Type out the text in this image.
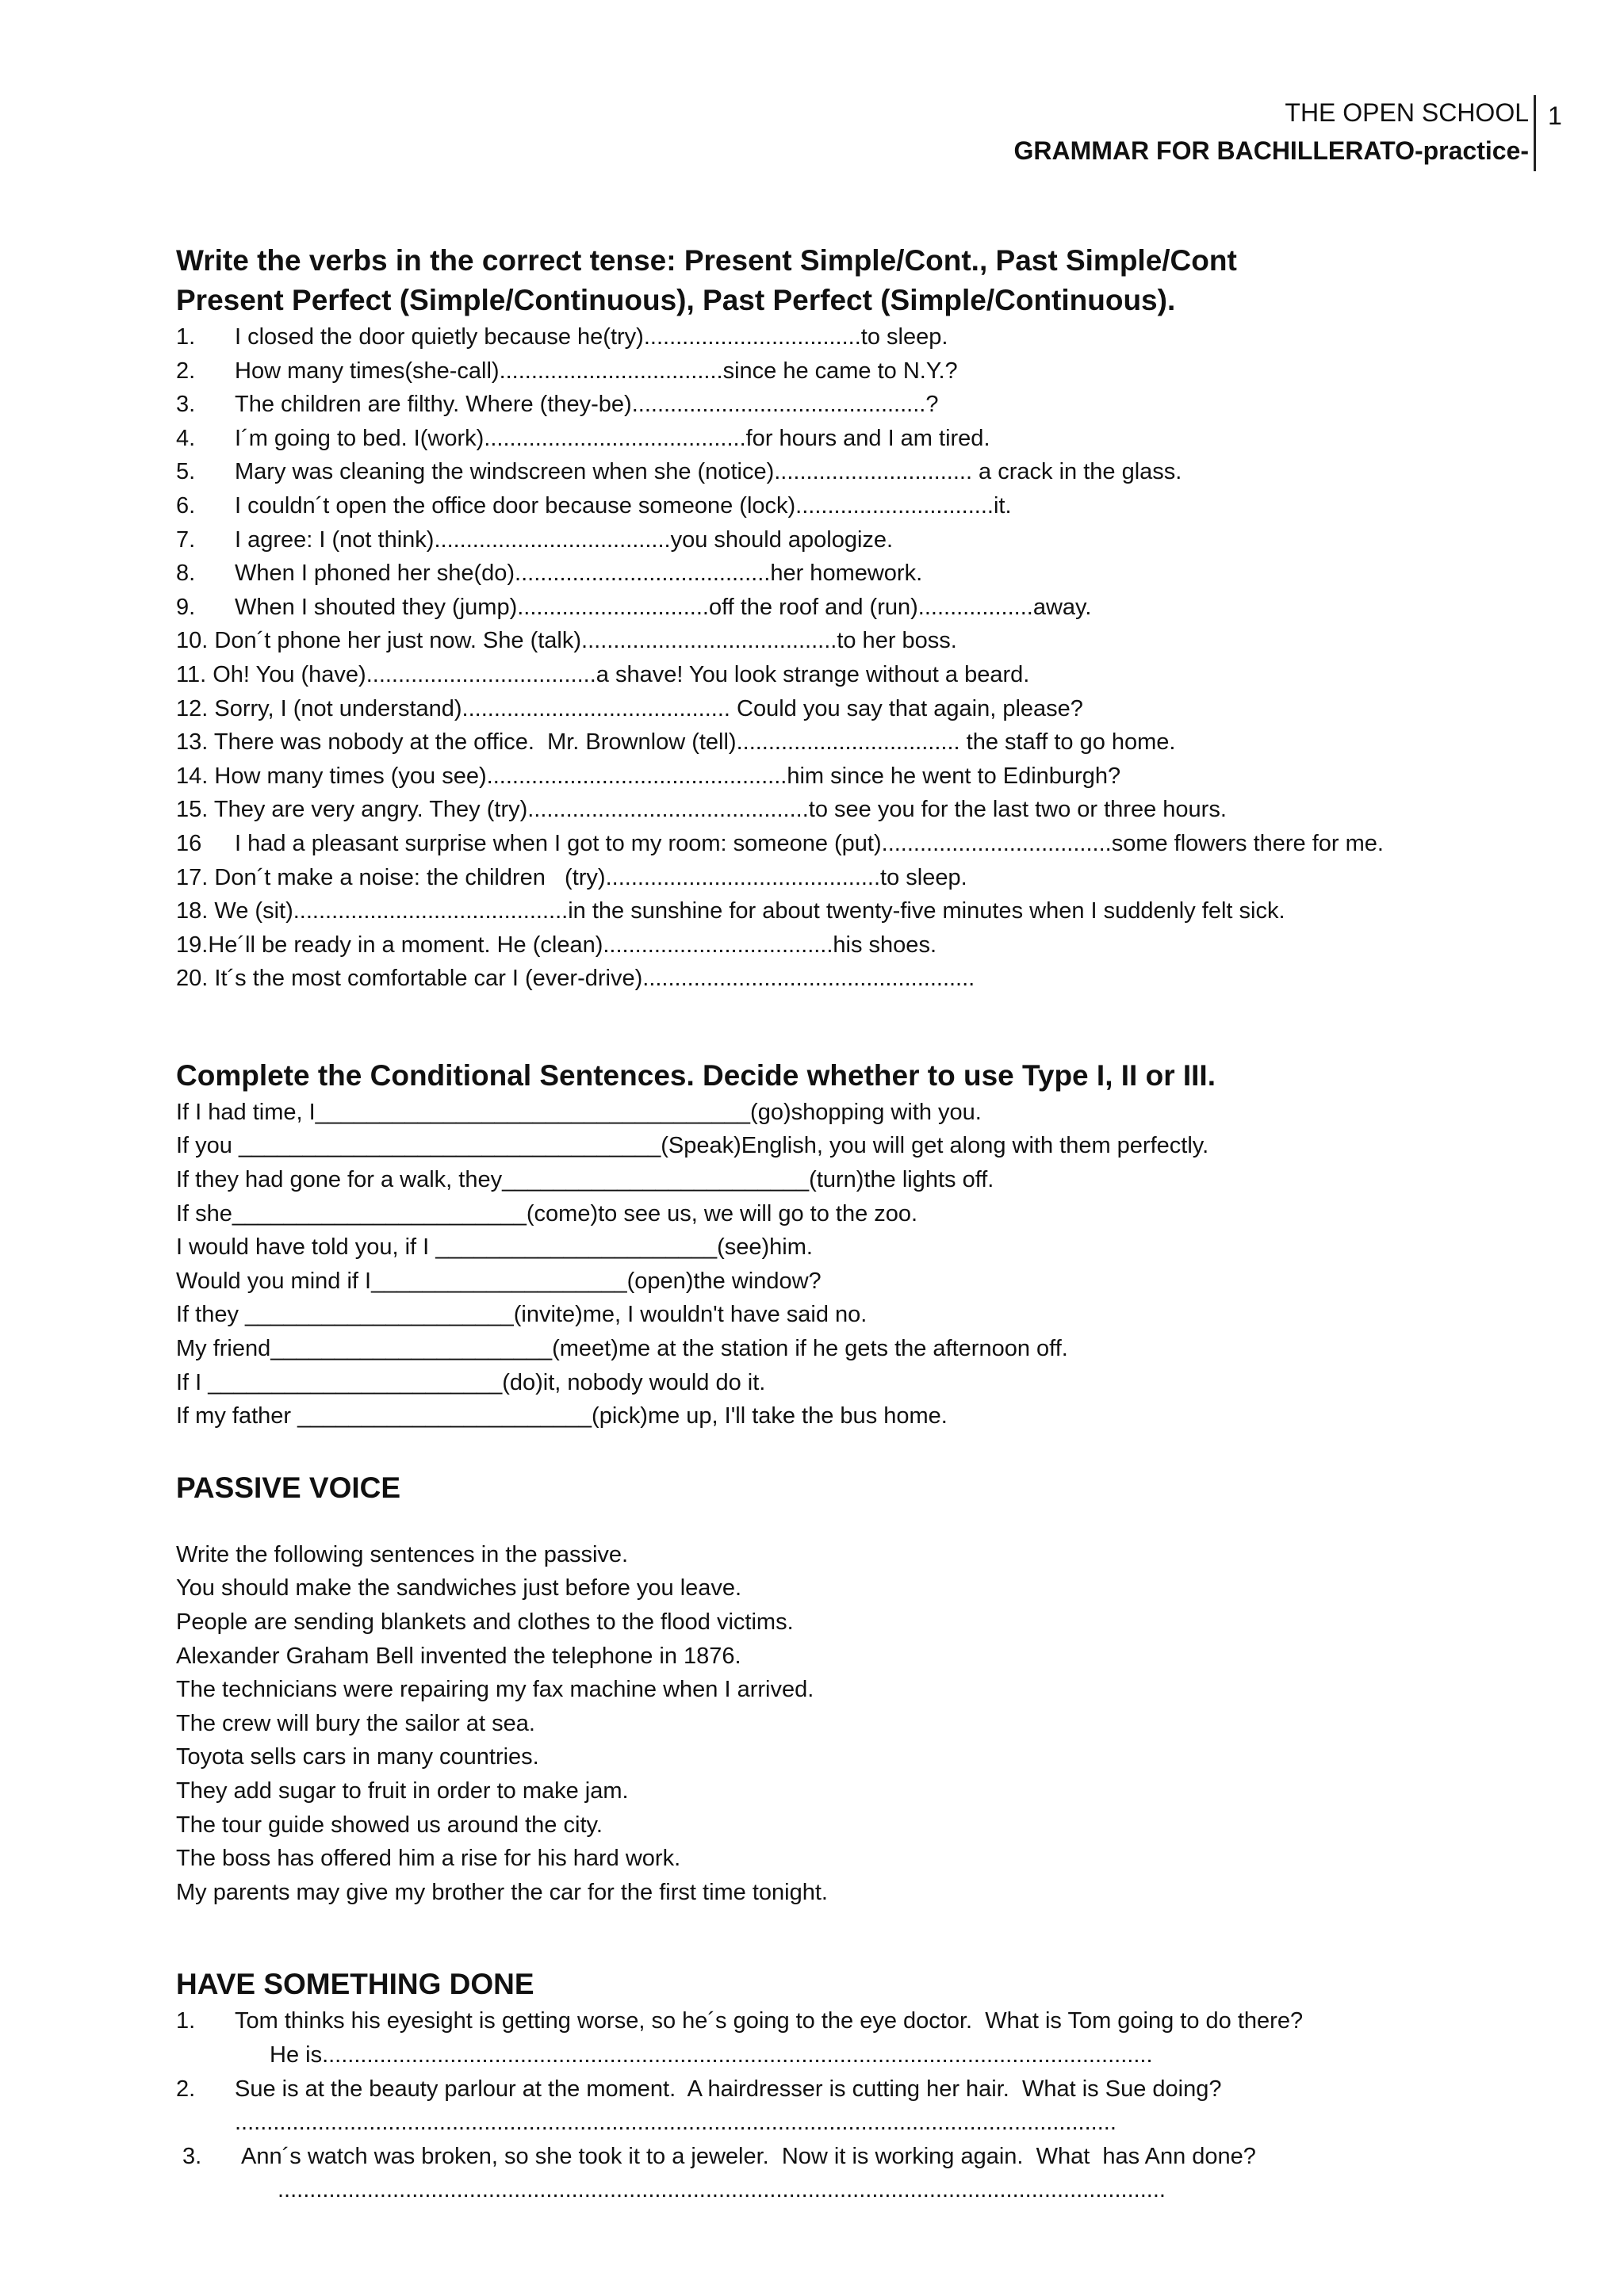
THE OPEN SCHOOL
GRAMMAR FOR BACHILLERATO-practice-
1
Write the verbs in the correct tense: Present Simple/Cont., Past Simple/Cont
Present Perfect (Simple/Continuous), Past Perfect (Simple/Continuous).
1. I closed the door quietly because he(try)..................................to sleep.
2. How many times(she-call)...................................since he came to N.Y.?
3. The children are filthy. Where (they-be)..............................................?
4. I´m going to bed. I(work).........................................for hours and I am tired.
5. Mary was cleaning the windscreen when she (notice)............................... a crack in the glass.
6. I couldn´t open the office door because someone (lock)...............................it.
7. I agree: I (not think).....................................you should apologize.
8. When I phoned her she(do)........................................her homework.
9. When I shouted they (jump)..............................off the roof and (run)..................away.
10. Don´t phone her just now. She (talk)........................................to her boss.
11. Oh! You (have)....................................a shave! You look strange without a beard.
12. Sorry, I (not understand).......................................... Could you say that again, please?
13. There was nobody at the office.  Mr. Brownlow (tell)................................... the staff to go home.
14. How many times (you see)...............................................him since he went to Edinburgh?
15. They are very angry. They (try)............................................to see you for the last two or three hours.
16 I had a pleasant surprise when I got to my room: someone (put)....................................some flowers there for me.
17. Don´t make a noise: the children   (try)...........................................to sleep.
18. We (sit)...........................................in the sunshine for about twenty-five minutes when I suddenly felt sick.
19.He´ll be ready in a moment. He (clean)....................................his shoes.
20. It´s the most comfortable car I (ever-drive)....................................................
Complete the Conditional Sentences. Decide whether to use Type I, II or III.
If I had time, I__________________________________(go)shopping with you.
If you _________________________________(Speak)English, you will get along with them perfectly.
If they had gone for a walk, they________________________(turn)the lights off.
If she_______________________(come)to see us, we will go to the zoo.
I would have told you, if I ______________________(see)him.
Would you mind if I____________________(open)the window?
If they _____________________(invite)me, I wouldn't have said no.
My friend______________________(meet)me at the station if he gets the afternoon off.
If I _______________________(do)it, nobody would do it.
If my father _______________________(pick)me up, I'll take the bus home.
PASSIVE VOICE
Write the following sentences in the passive.
You should make the sandwiches just before you leave.
People are sending blankets and clothes to the flood victims.
Alexander Graham Bell invented the telephone in 1876.
The technicians were repairing my fax machine when I arrived.
The crew will bury the sailor at sea.
Toyota sells cars in many countries.
They add sugar to fruit in order to make jam.
The tour guide showed us around the city.
The boss has offered him a rise for his hard work.
My parents may give my brother the car for the first time tonight.
HAVE SOMETHING DONE
1. Tom thinks his eyesight is getting worse, so he´s going to the eye doctor.  What is Tom going to do there?
He is..................................................................................................................................
2. Sue is at the beauty parlour at the moment.  A hairdresser is cutting her hair.  What is Sue doing?
..........................................................................................................................................
3. Ann´s watch was broken, so she took it to a jeweler.  Now it is working again.  What  has Ann done?
...........................................................................................................................................
